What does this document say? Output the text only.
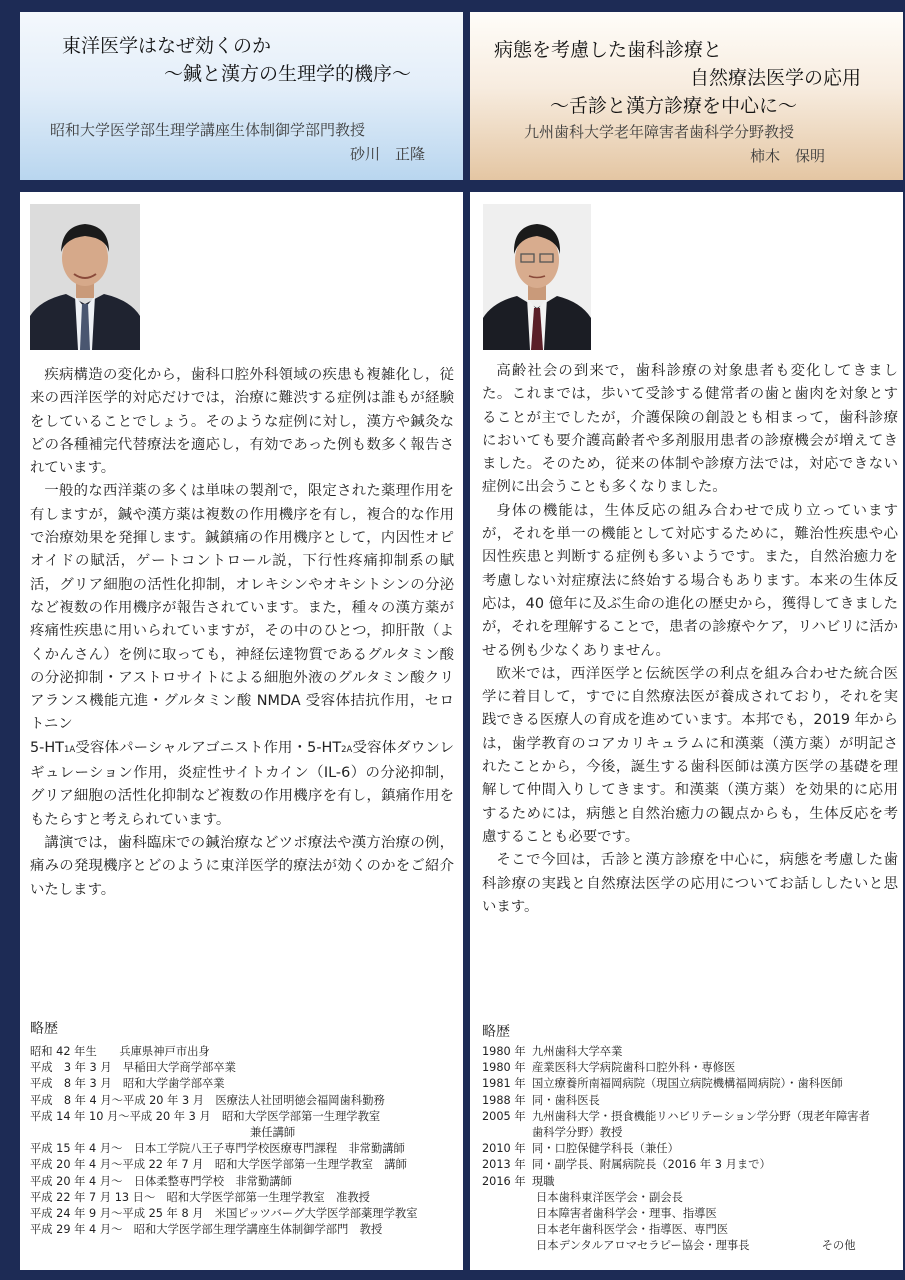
東洋医学はなぜ効くのか

～鍼と漢方の生理学的機序～

昭和大学医学部生理学講座生体制御学部門教授

砂川　正隆

病態を考慮した歯科診療と

自然療法医学の応用

～舌診と漢方診療を中心に～

九州歯科大学老年障害者歯科学分野教授

柿木　保明

疾病構造の変化から，歯科口腔外科領域の疾患も複雑化し，従来の西洋医学的対応だけでは，治療に難渋する症例は誰もが経験をしていることでしょう。そのような症例に対し，漢方や鍼灸などの各種補完代替療法を適応し，有効であった例も数多く報告されています。

一般的な西洋薬の多くは単味の製剤で，限定された薬理作用を有しますが，鍼や漢方薬は複数の作用機序を有し，複合的な作用で治療効果を発揮します。鍼鎮痛の作用機序として，内因性オピオイドの賦活，ゲートコントロール説，下行性疼痛抑制系の賦活，グリア細胞の活性化抑制，オレキシンやオキシトシンの分泌など複数の作用機序が報告されています。また，種々の漢方薬が疼痛性疾患に用いられていますが，その中のひとつ，抑肝散（よくかんさん）を例に取っても，神経伝達物質であるグルタミン酸の分泌抑制・アストロサイトによる細胞外液のグルタミン酸クリアランス機能亢進・グルタミン酸 NMDA 受容体拮抗作用，セロトニン
5-HT1A受容体パーシャルアゴニスト作用・5-HT2A受容体ダウンレギュレーション作用，炎症性サイトカイン（IL-6）の分泌抑制，グリア細胞の活性化抑制など複数の作用機序を有し，鎮痛作用をもたらすと考えられています。

講演では，歯科臨床での鍼治療などツボ療法や漢方治療の例，痛みの発現機序とどのように東洋医学的療法が効くのかをご紹介いたします。

略歴
昭和 42 年生　　兵庫県神戸市出身
平成　3 年 3 月　早稲田大学商学部卒業
平成　8 年 3 月　昭和大学歯学部卒業
平成　8 年 4 月～平成 20 年 3 月　医療法人社団明徳会福岡歯科勤務
平成 14 年 10 月～平成 20 年 3 月　昭和大学医学部第一生理学教室
兼任講師
平成 15 年 4 月～　日本工学院八王子専門学校医療専門課程　非常勤講師
平成 20 年 4 月～平成 22 年 7 月　昭和大学医学部第一生理学教室　講師
平成 20 年 4 月～　日体柔整専門学校　非常勤講師
平成 22 年 7 月 13 日～　昭和大学医学部第一生理学教室　准教授
平成 24 年 9 月～平成 25 年 8 月　米国ピッツバーグ大学医学部薬理学教室
平成 29 年 4 月～　昭和大学医学部生理学講座生体制御学部門　教授

高齢社会の到来で，歯科診療の対象患者も変化してきました。これまでは，歩いて受診する健常者の歯と歯肉を対象とすることが主でしたが，介護保険の創設とも相まって，歯科診療においても要介護高齢者や多剤服用患者の診療機会が増えてきました。そのため，従来の体制や診療方法では，対応できない症例に出会うことも多くなりました。

身体の機能は，生体反応の組み合わせで成り立っていますが，それを単一の機能として対応するために，難治性疾患や心因性疾患と判断する症例も多いようです。また，自然治癒力を考慮しない対症療法に終始する場合もあります。本来の生体反応は，40 億年に及ぶ生命の進化の歴史から，獲得してきましたが，それを理解することで，患者の診療やケア，リハビリに活かせる例も少なくありません。

欧米では，西洋医学と伝統医学の利点を組み合わせた統合医学に着目して，すでに自然療法医が養成されており，それを実践できる医療人の育成を進めています。本邦でも，2019 年からは，歯学教育のコアカリキュラムに和漢薬（漢方薬）が明記されたことから，今後，誕生する歯科医師は漢方医学の基礎を理解して仲間入りしてきます。和漢薬（漢方薬）を効果的に応用するためには，病態と自然治癒力の観点からも，生体反応を考慮することも必要です。

そこで今回は，舌診と漢方診療を中心に，病態を考慮した歯科診療の実践と自然療法医学の応用についてお話ししたいと思います。

略歴
1980 年 九州歯科大学卒業
1980 年 産業医科大学病院歯科口腔外科・専修医
1981 年 国立療養所南福岡病院（現国立病院機構福岡病院）・歯科医師
1988 年 同・歯科医長
2005 年 九州歯科大学・摂食機能リハビリテーション学分野（現老年障害者
歯科学分野）教授
2010 年 同・口腔保健学科長（兼任）
2013 年 同・副学長、附属病院長（2016 年 3 月まで）
2016 年 現職
日本歯科東洋医学会・副会長
日本障害者歯科学会・理事、指導医
日本老年歯科医学会・指導医、専門医
日本デンタルアロマセラピー協会・理事長	その他
